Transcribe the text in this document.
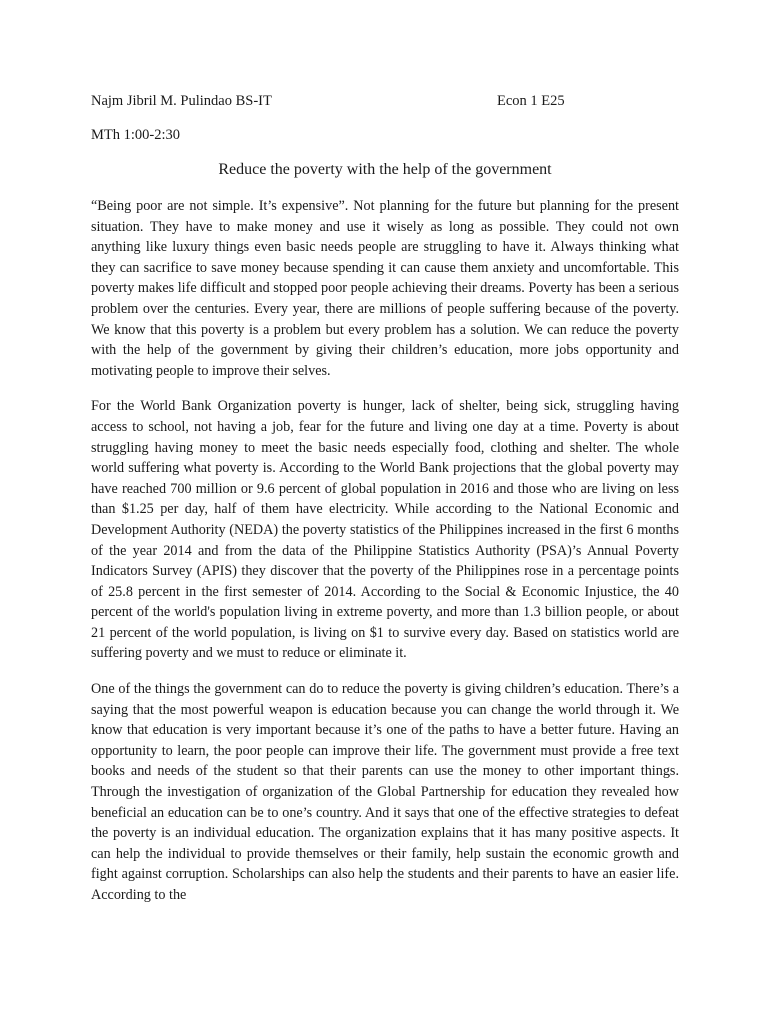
Najm Jibril M. Pulindao BS-IT	Econ 1 E25
MTh 1:00-2:30
Reduce the poverty with the help of the government

“Being poor are not simple. It’s expensive”. Not planning for the future but planning for the present situation. They have to make money and use it wisely as long as possible. They could not own anything like luxury things even basic needs people are struggling to have it. Always thinking what they can sacrifice to save money because spending it can cause them anxiety and uncomfortable. This poverty makes life difficult and stopped poor people achieving their dreams. Poverty has been a serious problem over the centuries. Every year, there are millions of people suffering because of the poverty. We know that this poverty is a problem but every problem has a solution. We can reduce the poverty with the help of the government by giving their children’s education, more jobs opportunity and motivating people to improve their selves.

For the World Bank Organization poverty is hunger, lack of shelter, being sick, struggling having access to school, not having a job, fear for the future and living one day at a time. Poverty is about struggling having money to meet the basic needs especially food, clothing and shelter. The whole world suffering what poverty is. According to the World Bank projections that the global poverty may have reached 700 million or 9.6 percent of global population in 2016 and those who are living on less than $1.25 per day, half of them have electricity. While according to the National Economic and Development Authority (NEDA) the poverty statistics of the Philippines increased in the first 6 months of the year 2014 and from the data of the Philippine Statistics Authority (PSA)’s Annual Poverty Indicators Survey (APIS) they discover that the poverty of the Philippines rose in a percentage points of 25.8 percent in the first semester of 2014. According to the Social & Economic Injustice, the 40 percent of the world's population living in extreme poverty, and more than 1.3 billion people, or about 21 percent of the world population, is living on $1 to survive every day. Based on statistics world are suffering poverty and we must to reduce or eliminate it.

One of the things the government can do to reduce the poverty is giving children’s education. There’s a saying that the most powerful weapon is education because you can change the world through it. We know that education is very important because it’s one of the paths to have a better future. Having an opportunity to learn, the poor people can improve their life. The government must provide a free text books and needs of the student so that their parents can use the money to other important things. Through the investigation of organization of the Global Partnership for education they revealed how beneficial an education can be to one’s country. And it says that one of the effective strategies to defeat the poverty is an individual education. The organization explains that it has many positive aspects. It can help the individual to provide themselves or their family, help sustain the economic growth and fight against corruption. Scholarships can also help the students and their parents to have an easier life. According to the
